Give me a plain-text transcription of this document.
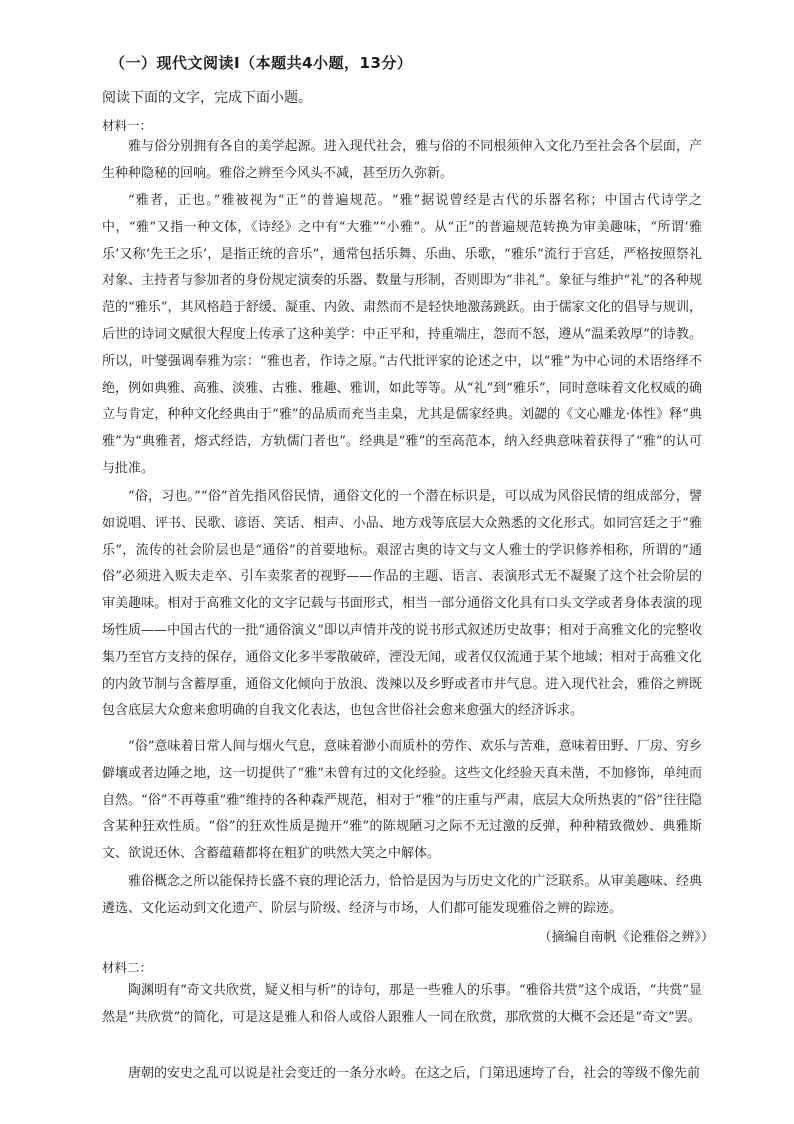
（一）现代文阅读Ⅰ（本题共4小题，13分）
阅读下面的文字，完成下面小题。
材料一：

雅与俗分别拥有各自的美学起源。进入现代社会，雅与俗的不同根须伸入文化乃至社会各个层面，产生种种隐秘的回响。雅俗之辨至今风头不减，甚至历久弥新。

“雅者，正也。”雅被视为“正”的普遍规范。“雅”据说曾经是古代的乐器名称；中国古代诗学之中，“雅”又指一种文体，《诗经》之中有“大雅”“小雅”。从“正”的普遍规范转换为审美趣味，“所谓‘雅乐’又称‘先王之乐’，是指正统的音乐”，通常包括乐舞、乐曲、乐歌，“雅乐”流行于宫廷，严格按照祭礼对象、主持者与参加者的身份规定演奏的乐器、数量与形制，否则即为“非礼”。象征与维护“礼”的各种规范的“雅乐”，其风格趋于舒缓、凝重、内敛、肃然而不是轻快地激荡跳跃。由于儒家文化的倡导与规训，后世的诗词文赋很大程度上传承了这种美学：中正平和，持重端庄，怨而不怒，遵从“温柔敦厚”的诗教。所以，叶燮强调奉雅为宗：“雅也者，作诗之原。”古代批评家的论述之中，以“雅”为中心词的术语络绎不绝，例如典雅、高雅、淡雅、古雅、雅趣、雅训，如此等等。从“礼”到“雅乐”，同时意味着文化权威的确立与肯定，种种文化经典由于“雅”的品质而充当圭臬，尤其是儒家经典。刘勰的《文心雕龙·体性》释“典雅”为“典雅者，熔式经诰，方轨儒门者也”。经典是“雅”的至高范本，纳入经典意味着获得了“雅”的认可与批准。

“俗，习也。”“俗”首先指风俗民情，通俗文化的一个潜在标识是，可以成为风俗民情的组成部分，譬如说唱、评书、民歌、谚语、笑话、相声、小品、地方戏等底层大众熟悉的文化形式。如同宫廷之于“雅乐”，流传的社会阶层也是“通俗”的首要地标。艰涩古奥的诗文与文人雅士的学识修养相称，所谓的“通俗”必须进入贩夫走卒、引车卖浆者的视野——作品的主题、语言、表演形式无不凝聚了这个社会阶层的审美趣味。相对于高雅文化的文字记载与书面形式，相当一部分通俗文化具有口头文学或者身体表演的现场性质——中国古代的一批“通俗演义”即以声情并茂的说书形式叙述历史故事；相对于高雅文化的完整收集乃至官方支持的保存，通俗文化多半零散破碎，湮没无闻，或者仅仅流通于某个地域；相对于高雅文化的内敛节制与含蓄厚重，通俗文化倾向于放浪、泼辣以及乡野或者市井气息。进入现代社会，雅俗之辨既包含底层大众愈来愈明确的自我文化表达，也包含世俗社会愈来愈强大的经济诉求。

“俗”意味着日常人间与烟火气息，意味着渺小而质朴的劳作、欢乐与苦难，意味着田野、厂房、穷乡僻壤或者边陲之地，这一切提供了“雅”未曾有过的文化经验。这些文化经验天真未凿，不加修饰，单纯而自然。“俗”不再尊重“雅”维持的各种森严规范，相对于“雅”的庄重与严肃，底层大众所热衷的“俗”往往隐含某种狂欢性质。“俗”的狂欢性质是抛开“雅”的陈规陋习之际不无过激的反弹，种种精致微妙、典雅斯文、欲说还休、含蓄蕴藉都将在粗犷的哄然大笑之中解体。

雅俗概念之所以能保持长盛不衰的理论活力，恰恰是因为与历史文化的广泛联系。从审美趣味、经典遴选、文化运动到文化遗产、阶层与阶级、经济与市场，人们都可能发现雅俗之辨的踪迹。

（摘编自南帆《论雅俗之辨》）
材料二：

陶渊明有“奇文共欣赏，疑义相与析”的诗句，那是一些雅人的乐事。“雅俗共赏”这个成语，“共赏”显然是“共欣赏”的简化，可是这是雅人和俗人或俗人跟雅人一同在欣赏，那欣赏的大概不会还是“奇文”罢。

唐朝的安史之乱可以说是社会变迁的一条分水岭。在这之后，门第迅速垮了台，社会的等级不像先前
